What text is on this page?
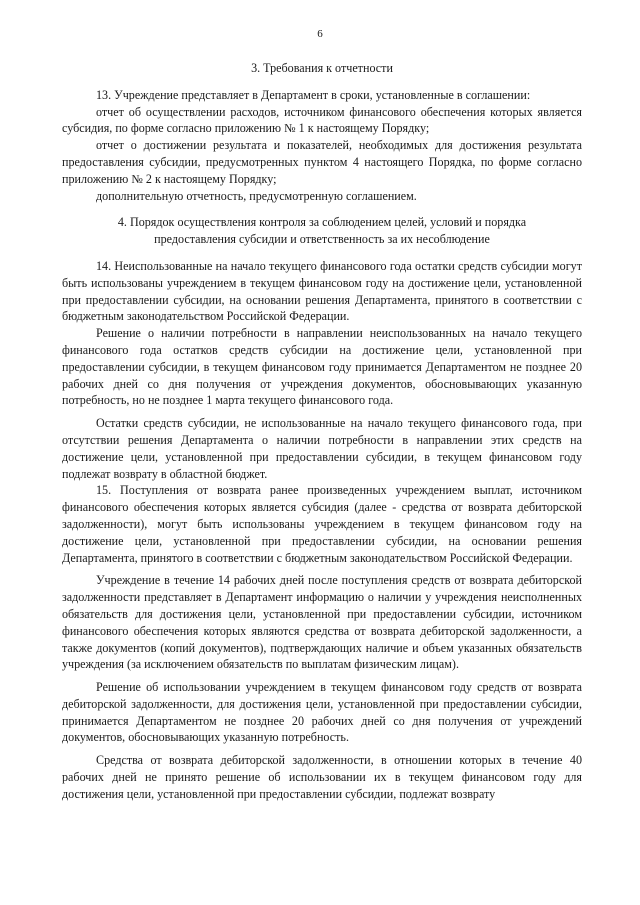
6

3. Требования к отчетности

13. Учреждение представляет в Департамент в сроки, установленные в соглашении:

отчет об осуществлении расходов, источником финансового обеспечения которых является субсидия, по форме согласно приложению № 1 к настоящему Порядку;

отчет о достижении результата и показателей, необходимых для достижения результата предоставления субсидии, предусмотренных пунктом 4 настоящего Порядка, по форме согласно приложению № 2 к настоящему Порядку;

дополнительную отчетность, предусмотренную соглашением.

4. Порядок осуществления контроля за соблюдением целей, условий и порядка

предоставления субсидии и ответственность за их несоблюдение

14. Неиспользованные на начало текущего финансового года остатки средств субсидии могут быть использованы учреждением в текущем финансовом году на достижение цели, установленной при предоставлении субсидии, на основании решения Департамента, принятого в соответствии с бюджетным законодательством Российской Федерации.

Решение о наличии потребности в направлении неиспользованных на начало текущего финансового года остатков средств субсидии на достижение цели, установленной при предоставлении субсидии, в текущем финансовом году принимается Департаментом не позднее 20 рабочих дней со дня получения от учреждения документов, обосновывающих указанную потребность, но не позднее 1 марта текущего финансового года.

Остатки средств субсидии, не использованные на начало текущего финансового года, при отсутствии решения Департамента о наличии потребности в направлении этих средств на достижение цели, установленной при предоставлении субсидии, в текущем финансовом году подлежат возврату в областной бюджет.

15. Поступления от возврата ранее произведенных учреждением выплат, источником финансового обеспечения которых является субсидия (далее - средства от возврата дебиторской задолженности), могут быть использованы учреждением в текущем финансовом году на достижение цели, установленной при предоставлении субсидии, на основании решения Департамента, принятого в соответствии с бюджетным законодательством Российской Федерации.

Учреждение в течение 14 рабочих дней после поступления средств от возврата дебиторской задолженности представляет в Департамент информацию о наличии у учреждения неисполненных обязательств для достижения цели, установленной при предоставлении субсидии, источником финансового обеспечения которых являются средства от возврата дебиторской задолженности, а также документов (копий документов), подтверждающих наличие и объем указанных обязательств учреждения (за исключением обязательств по выплатам физическим лицам).

Решение об использовании учреждением в текущем финансовом году средств от возврата дебиторской задолженности, для достижения цели, установленной при предоставлении субсидии, принимается Департаментом не позднее 20 рабочих дней со дня получения от учреждений документов, обосновывающих указанную потребность.

Средства от возврата дебиторской задолженности, в отношении которых в течение 40 рабочих дней не принято решение об использовании их в текущем финансовом году для достижения цели, установленной при предоставлении субсидии, подлежат возврату
